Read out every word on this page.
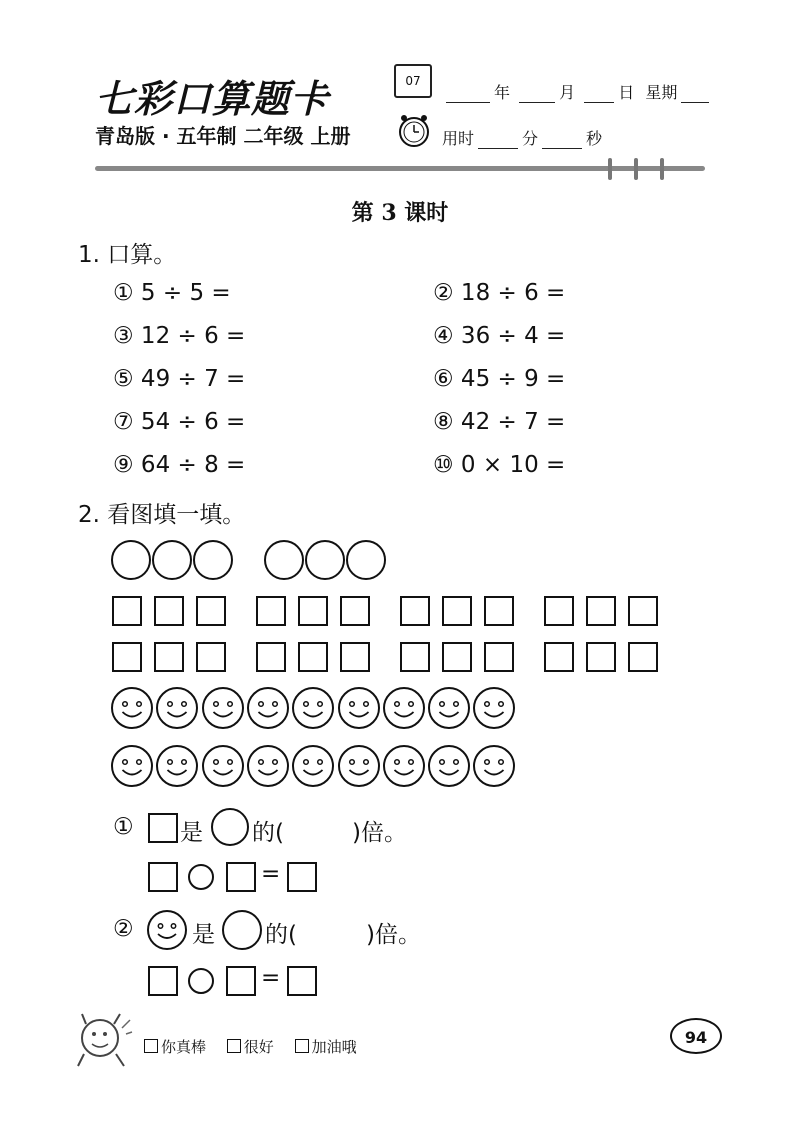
七彩口算题卡
青岛版 · 五年制 二年级 上册
07
年	月	日 星期
用时	分	秒
第 3 课时
1. 口算。
① 5 ÷ 5 =	② 18 ÷ 6 =
③ 12 ÷ 6 =	④ 36 ÷ 4 =
⑤ 49 ÷ 7 =	⑥ 45 ÷ 9 =
⑦ 54 ÷ 6 =	⑧ 42 ÷ 7 =
⑨ 64 ÷ 8 =	⑩ 0 × 10 =
2. 看图填一填。
① 是 的(	)倍。
=
②	是 的(	)倍。
=
你真棒	很好	加油哦	94
